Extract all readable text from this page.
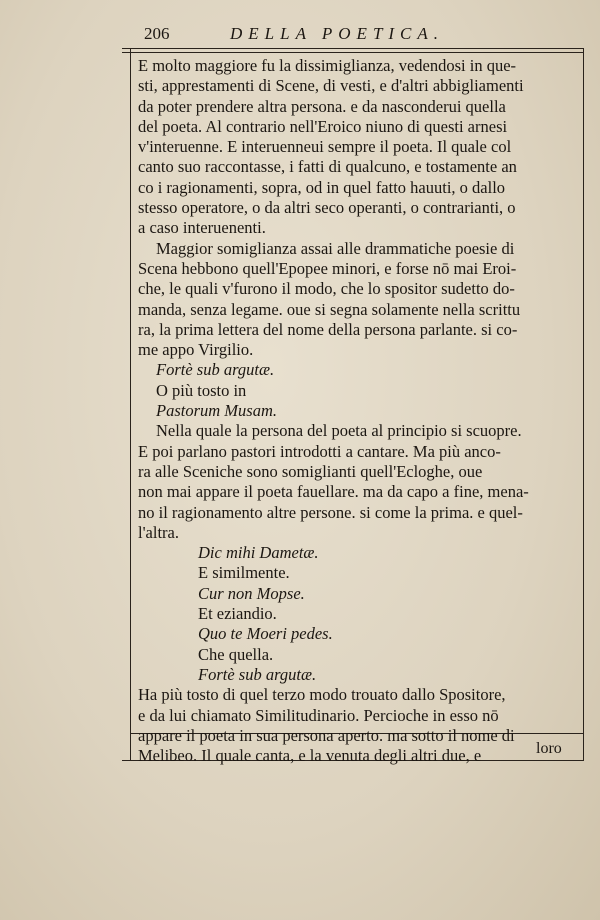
206	DELLA POETICA.
E molto maggiore fu la dissimiglianza, vedendosi in que-
sti, apprestamenti di Scene, di vesti, e d'altri abbigliamenti
da poter prendere altra persona. e da nasconderui quella
del poeta. Al contrario nell'Eroico niuno di questi arnesi
v'interuenne. E interuenneui sempre il poeta. Il quale col
canto suo raccontasse, i fatti di qualcuno, e tostamente an
co i ragionamenti, sopra, od in quel fatto hauuti, o dallo
stesso operatore, o da altri seco operanti, o contrarianti, o
a caso interuenenti.
Maggior somiglianza assai alle drammatiche poesie di
Scena hebbono quell'Epopee minori, e forse nō mai Eroi-
che, le quali v'furono il modo, che lo spositor sudetto do-
manda, senza legame. oue si segna solamente nella scrittu
ra, la prima lettera del nome della persona parlante. si co-
me appo Virgilio.
Fortè sub argutæ.
O più tosto in
Pastorum Musam.
Nella quale la persona del poeta al principio si scuopre.
E poi parlano pastori introdotti a cantare. Ma più anco-
ra alle Sceniche sono somiglianti quell'Ecloghe, oue
non mai appare il poeta fauellare. ma da capo a fine, mena-
no il ragionamento altre persone. si come la prima. e quel-
l'altra.
Dic mihi Dametæ.
E similmente.
Cur non Mopse.
Et eziandio.
Quo te Moeri pedes.
Che quella.
Fortè sub argutæ.
Ha più tosto di quel terzo modo trouato dallo Spositore,
e da lui chiamato Similitudinario. Percioche in esso nō
appare il poeta in sua persona aperto. ma sotto il nome di
Melibeo. Il quale canta, e la venuta degli altri due, e	loro
